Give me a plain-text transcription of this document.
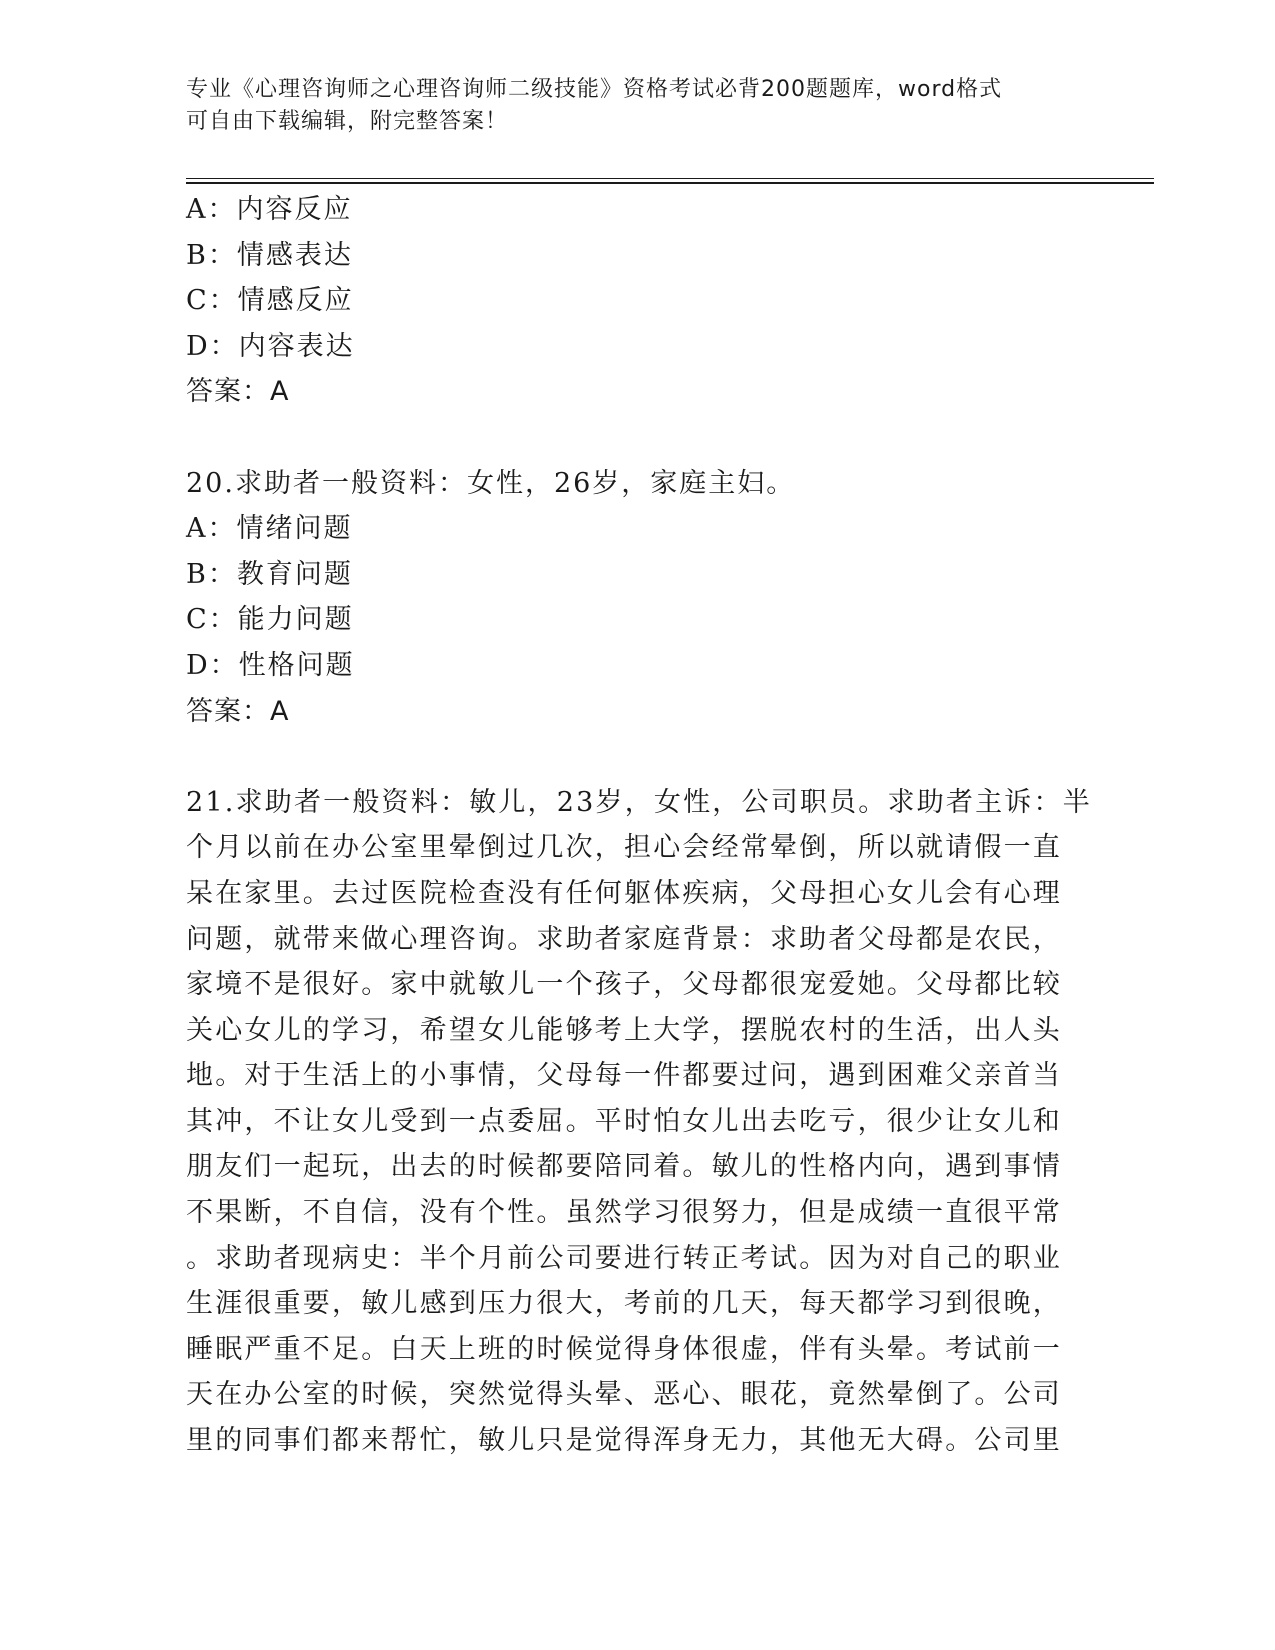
专业《心理咨询师之心理咨询师二级技能》资格考试必背200题题库，word格式
可自由下载编辑，附完整答案！
A：内容反应
B：情感表达
C：情感反应
D：内容表达
答案：A
20.求助者一般资料：女性，26岁，家庭主妇。
A：情绪问题
B：教育问题
C：能力问题
D：性格问题
答案：A
21.求助者一般资料：敏儿，23岁，女性，公司职员。求助者主诉：半
个月以前在办公室里晕倒过几次，担心会经常晕倒，所以就请假一直
呆在家里。去过医院检查没有任何躯体疾病，父母担心女儿会有心理
问题，就带来做心理咨询。求助者家庭背景：求助者父母都是农民，
家境不是很好。家中就敏儿一个孩子，父母都很宠爱她。父母都比较
关心女儿的学习，希望女儿能够考上大学，摆脱农村的生活，出人头
地。对于生活上的小事情，父母每一件都要过问，遇到困难父亲首当
其冲，不让女儿受到一点委屈。平时怕女儿出去吃亏，很少让女儿和
朋友们一起玩，出去的时候都要陪同着。敏儿的性格内向，遇到事情
不果断，不自信，没有个性。虽然学习很努力，但是成绩一直很平常
。求助者现病史：半个月前公司要进行转正考试。因为对自己的职业
生涯很重要，敏儿感到压力很大，考前的几天，每天都学习到很晚，
睡眠严重不足。白天上班的时候觉得身体很虚，伴有头晕。考试前一
天在办公室的时候，突然觉得头晕、恶心、眼花，竟然晕倒了。公司
里的同事们都来帮忙，敏儿只是觉得浑身无力，其他无大碍。公司里
